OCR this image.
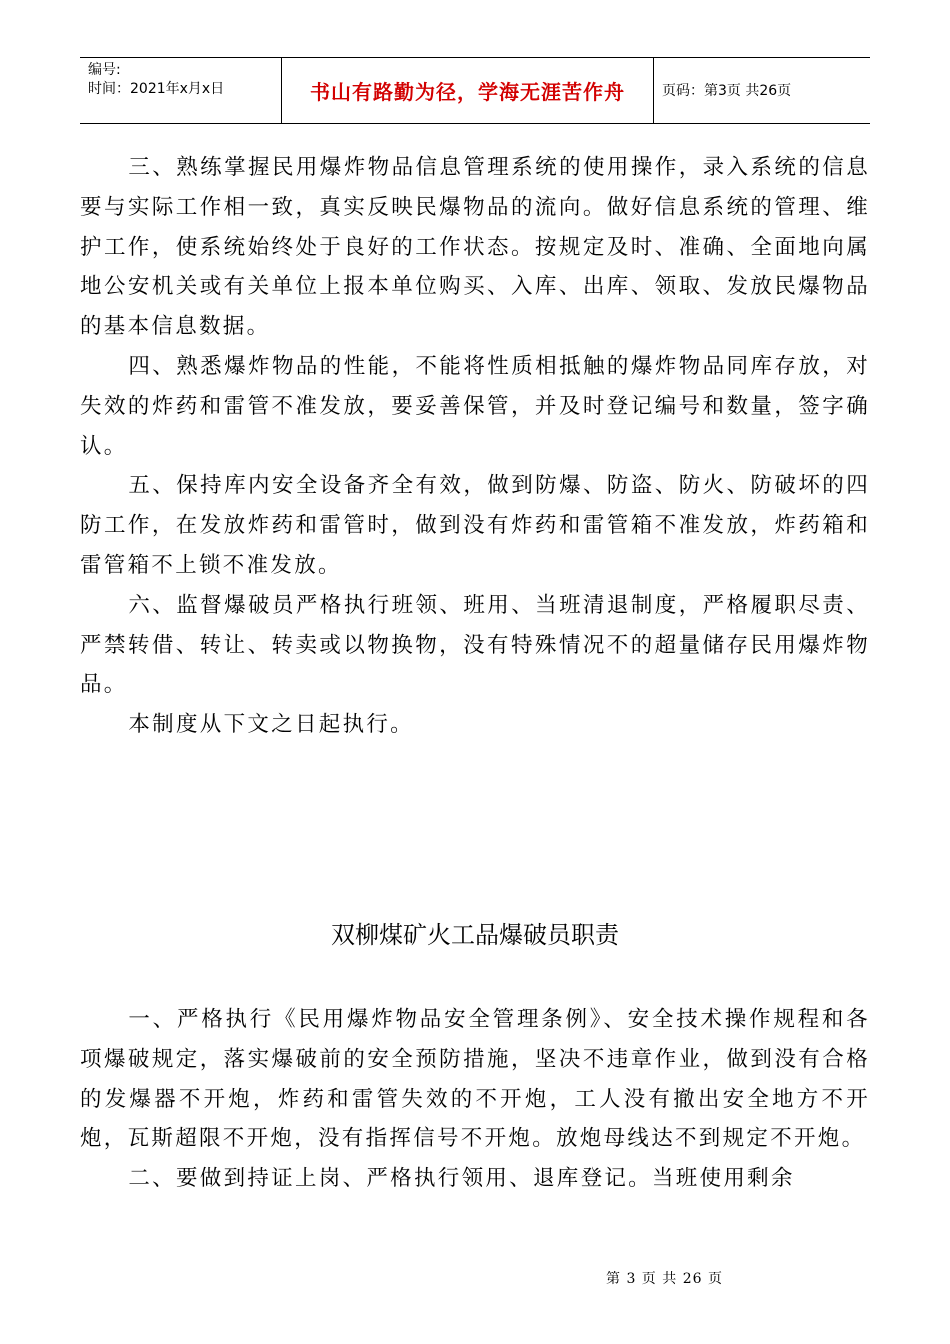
编号:
时间：2021年x月x日	书山有路勤为径，学海无涯苦作舟	页码：第3页 共26页

三、熟练掌握民用爆炸物品信息管理系统的使用操作，录入系统的信息要与实际工作相一致，真实反映民爆物品的流向。做好信息系统的管理、维护工作，使系统始终处于良好的工作状态。按规定及时、准确、全面地向属地公安机关或有关单位上报本单位购买、入库、出库、领取、发放民爆物品的基本信息数据。

四、熟悉爆炸物品的性能，不能将性质相抵触的爆炸物品同库存放，对失效的炸药和雷管不准发放，要妥善保管，并及时登记编号和数量，签字确认。

五、保持库内安全设备齐全有效，做到防爆、防盗、防火、防破坏的四防工作，在发放炸药和雷管时，做到没有炸药和雷管箱不准发放，炸药箱和雷管箱不上锁不准发放。

六、监督爆破员严格执行班领、班用、当班清退制度，严格履职尽责、严禁转借、转让、转卖或以物换物，没有特殊情况不的超量储存民用爆炸物品。

本制度从下文之日起执行。

双柳煤矿火工品爆破员职责

一、严格执行《民用爆炸物品安全管理条例》、安全技术操作规程和各项爆破规定，落实爆破前的安全预防措施，坚决不违章作业，做到没有合格的发爆器不开炮，炸药和雷管失效的不开炮，工人没有撤出安全地方不开炮，瓦斯超限不开炮，没有指挥信号不开炮。放炮母线达不到规定不开炮。

二、要做到持证上岗、严格执行领用、退库登记。当班使用剩余

第 3 页 共 26 页
